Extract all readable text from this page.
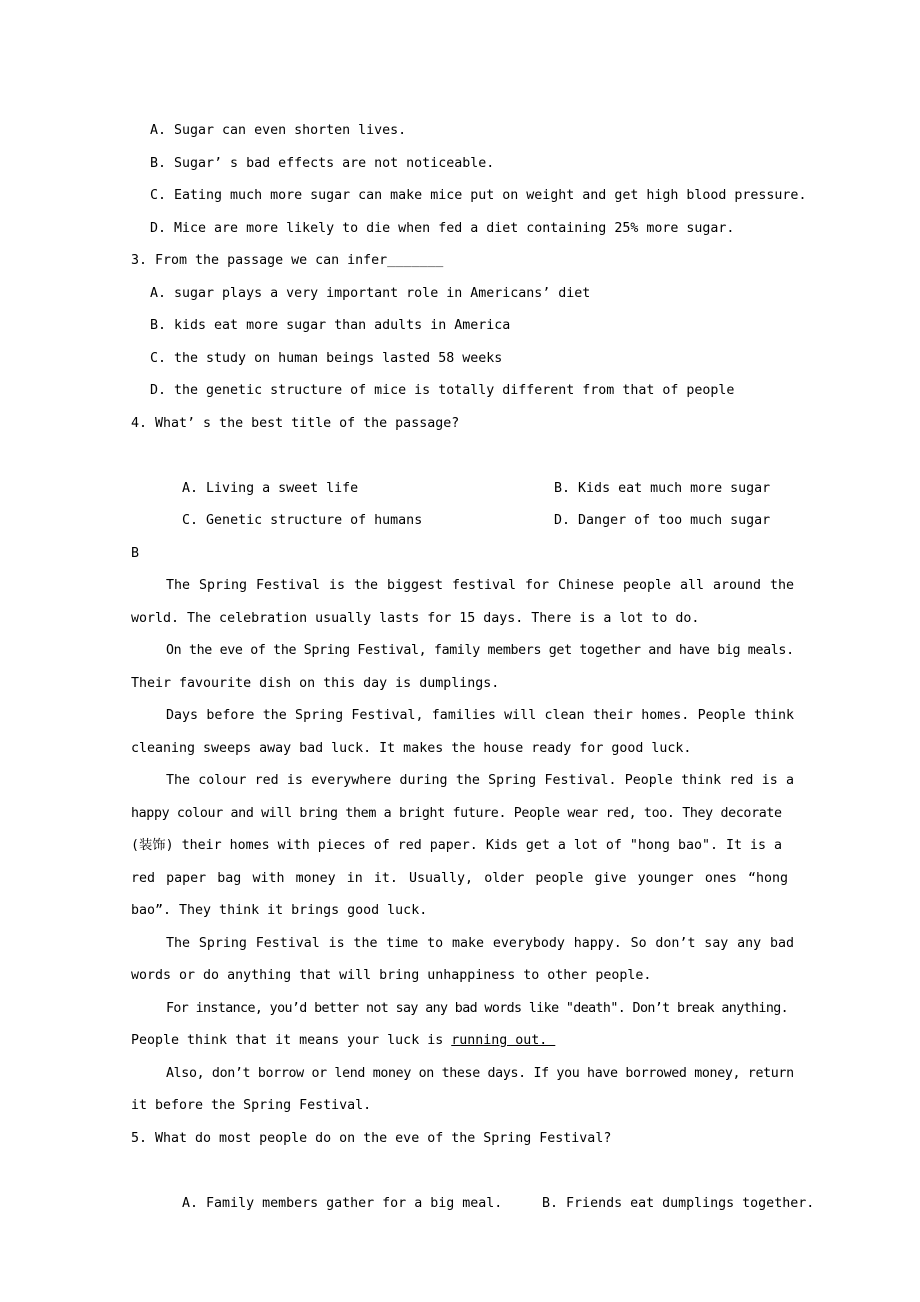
A. Sugar can even shorten lives.
B. Sugar’ s bad effects are not noticeable.
C. Eating much more sugar can make mice put on weight and get high blood pressure.
D. Mice are more likely to die when fed a diet containing 25% more sugar.
3. From the passage we can infer_______
A. sugar plays a very important role in Americans’ diet
B. kids eat more sugar than adults in America
C. the study on human beings lasted 58 weeks
D. the genetic structure of mice is totally different from that of people
4. What’ s the best title of the passage?

A. Living a sweet life	B. Kids eat much more sugar

C. Genetic structure of humans	D. Danger of too much sugar

B
The Spring Festival is the biggest festival for Chinese people all around the
world. The celebration usually lasts for 15 days. There is a lot to do.
On the eve of the Spring Festival, family members get together and have big meals.
Their favourite dish on this day is dumplings.
Days before the Spring Festival, families will clean their homes. People think
cleaning sweeps away bad luck. It makes the house ready for good luck.
The colour red is everywhere during the Spring Festival. People think red is a
happy colour and will bring them a bright future. People wear red, too. They decorate
(装饰) their homes with pieces of red paper. Kids get a lot of "hong bao". It is a
red paper bag with money in it. Usually, older people give younger ones “hong
bao”. They think it brings good luck.
The Spring Festival is the time to make everybody happy. So don’t say any bad
words or do anything that will bring unhappiness to other people.
For instance, you’d better not say any bad words like "death". Don’t break anything.
People think that it means your luck is running out.
Also, don’t borrow or lend money on these days. If you have borrowed money, return
it before the Spring Festival.
5. What do most people do on the eve of the Spring Festival?

A. Family members gather for a big meal.	B. Friends eat dumplings together.
